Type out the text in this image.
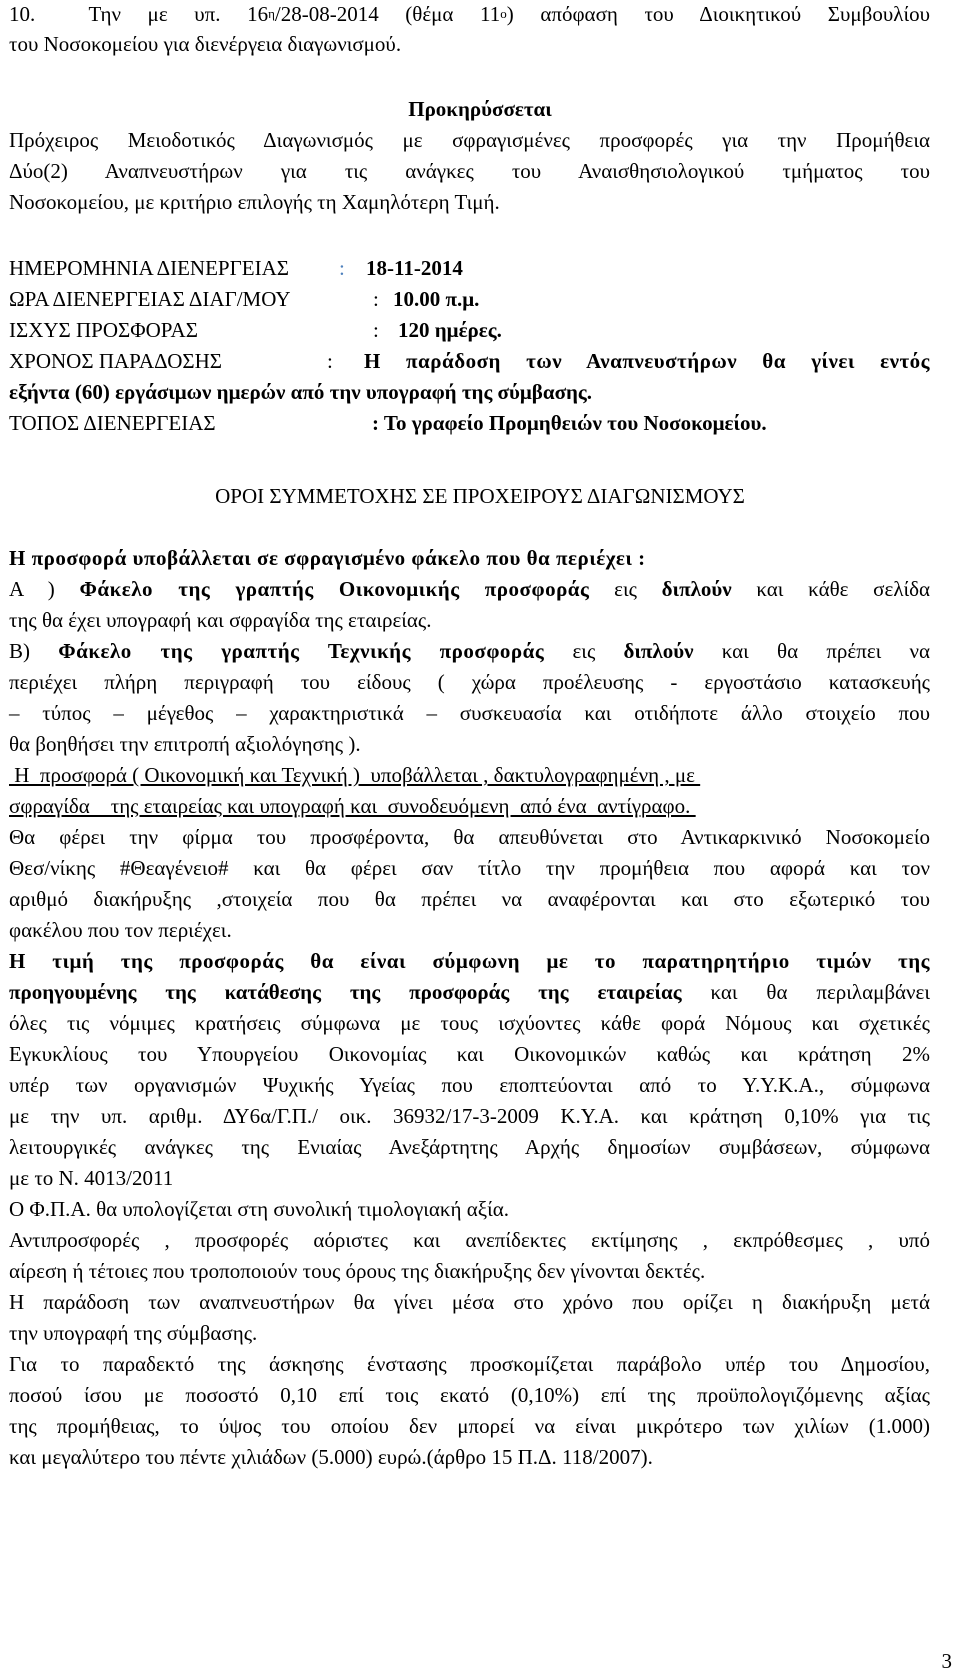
10.	Την με υπ. $16^\eta/28-08-2014$ (θέμα $11^o$) απόφαση του Διοικητικού Συμβουλίου
του Νοσοκομείου για διενέργεια διαγωνισμού.
Προκηρύσσεται
Πρόχειρος Μειοδοτικός Διαγωνισμός με σφραγισμένες προσφορές για την Προμήθεια
Δύο(2) Αναπνευστήρων για τις ανάγκες του Αναισθησιολογικού τμήματος του
Νοσοκομείου, με κριτήριο επιλογής τη Χαμηλότερη Τιμή.
ΗΜΕΡΟΜΗΝΙΑ ΔΙΕΝΕΡΓΕΙΑΣ : 18-11-2014
ΩΡΑ ΔΙΕΝΕΡΓΕΙΑΣ ΔΙΑΓ/ΜΟΥ	: 10.00 π.μ.
ΙΣΧΥΣ ΠΡΟΣΦΟΡΑΣ	: 120 ημέρες.
ΧΡΟΝΟΣ ΠΑΡΑΔΟΣΗΣ	: Η παράδοση των Αναπνευστήρων θα γίνει εντός
εξήντα (60) εργάσιμων ημερών από την υπογραφή της σύμβασης.
ΤΟΠΟΣ ΔΙΕΝΕΡΓΕΙΑΣ	: Το γραφείο Προμηθειών του Νοσοκομείου.
ΟΡΟΙ ΣΥΜΜΕΤΟΧΗΣ ΣΕ ΠΡΟΧΕΙΡΟΥΣ ΔΙΑΓΩΝΙΣΜΟΥΣ
Η προσφορά υποβάλλεται σε σφραγισμένο φάκελο που θα περιέχει :
Α ) Φάκελο της γραπτής Οικονομικής προσφοράς εις διπλούν και κάθε σελίδα
της θα έχει υπογραφή και σφραγίδα της εταιρείας.
Β) Φάκελο της γραπτής Τεχνικής προσφοράς εις διπλούν και θα πρέπει να
περιέχει πλήρη περιγραφή του είδους ( χώρα προέλευσης - εργοστάσιο κατασκευής
– τύπος – μέγεθος – χαρακτηριστικά – συσκευασία και οτιδήποτε άλλο στοιχείο που
θα βοηθήσει την επιτροπή αξιολόγησης ).
Η  προσφορά ( Οικονομική και Τεχνική )  υποβάλλεται , δακτυλογραφημένη , με
σφραγίδα    της εταιρείας και υπογραφή και  συνοδευόμενη  από ένα  αντίγραφο.
Θα φέρει την φίρμα του προσφέροντα, θα απευθύνεται στο Αντικαρκινικό Νοσοκομείο
Θεσ/νίκης #Θεαγένειο# και θα φέρει σαν τίτλο την προμήθεια που αφορά και τον
αριθμό διακήρυξης ,στοιχεία που θα πρέπει να αναφέρονται και στο εξωτερικό του
φακέλου που τον περιέχει.
Η τιμή της προσφοράς θα είναι σύμφωνη με το παρατηρητήριο τιμών της
προηγουμένης της κατάθεσης της προσφοράς της εταιρείας και θα περιλαμβάνει
όλες τις νόμιμες κρατήσεις σύμφωνα με τους ισχύοντες κάθε φορά Νόμους και σχετικές
Εγκυκλίους του Υπουργείου Οικονομίας και Οικονομικών καθώς και κράτηση 2%
υπέρ των οργανισμών Ψυχικής Υγείας που εποπτεύονται από το Υ.Υ.Κ.Α., σύμφωνα
με την υπ. αριθμ. ΔΥ6α/Γ.Π./ οικ. 36932/17-3-2009 Κ.Υ.Α. και κράτηση 0,10% για τις
λειτουργικές ανάγκες της Ενιαίας Ανεξάρτητης Αρχής δημοσίων συμβάσεων, σύμφωνα
με το Ν. 4013/2011
Ο Φ.Π.Α. θα υπολογίζεται στη συνολική τιμολογιακή αξία.
Αντιπροσφορές , προσφορές αόριστες και ανεπίδεκτες εκτίμησης , εκπρόθεσμες , υπό
αίρεση ή τέτοιες που τροποποιούν τους όρους της διακήρυξης δεν γίνονται δεκτές.
Η παράδοση των αναπνευστήρων θα γίνει μέσα στο χρόνο που ορίζει η διακήρυξη μετά
την υπογραφή της σύμβασης.
Για το παραδεκτό της άσκησης ένστασης προσκομίζεται παράβολο υπέρ του Δημοσίου,
ποσού ίσου με ποσοστό 0,10 επί τοις εκατό (0,10%) επί της προϋπολογιζόμενης αξίας
της προμήθειας, το ύψος του οποίου δεν μπορεί να είναι μικρότερο των χιλίων (1.000)
και μεγαλύτερο του πέντε χιλιάδων (5.000) ευρώ.(άρθρο 15 Π.Δ. 118/2007).
3
